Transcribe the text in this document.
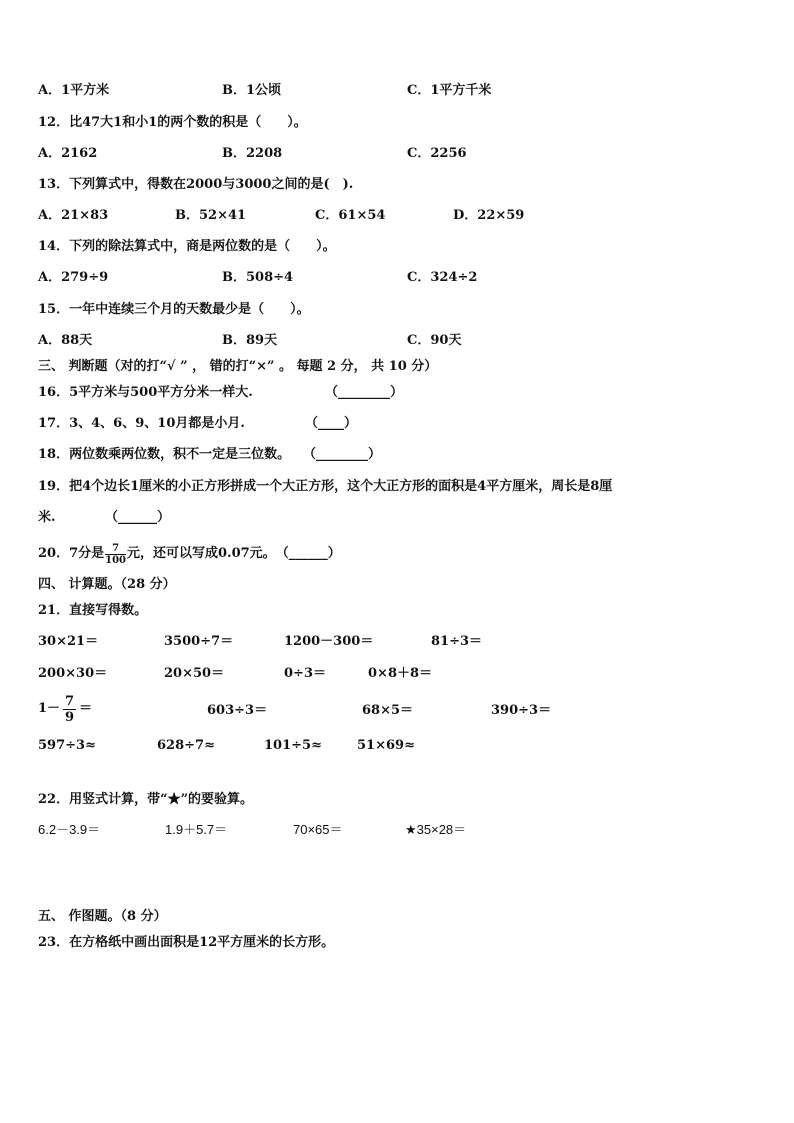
A．1平方米	B．1公顷	C．1平方千米
12．比47大1和小1的两个数的积是（　　）。
A．2162	B．2208	C．2256
13．下列算式中，得数在2000与3000之间的是(　).
A．21×83	B．52×41	C．61×54	D．22×59
14．下列的除法算式中，商是两位数的是（　　）。
A．279÷9	B．508÷4	C．324÷2
15．一年中连续三个月的天数最少是（　　）。
A．88天	B．89天	C．90天
三、 判断题（对的打“√ ” ， 错的打“×” 。 每题 2 分， 共 10 分）
16．5平方米与500平方分米一样大.	（________）
17．3、4、6、9、10月都是小月.	（____）
18．两位数乘两位数，积不一定是三位数。 （________）
19．把4个边长1厘米的小正方形拼成一个大正方形，这个大正方形的面积是4平方厘米，周长是8厘
米.	（______）
20．7分是 $\frac{7}{100}$ 元，还可以写成0.07元。 （______）
四、 计算题。（28 分）
21．直接写得数。
30×21＝	3500÷7＝	1200－300＝	81÷3＝
200×30＝	20×50＝	0÷3＝	0×8＋8＝
$1- \frac{7}{9}$ ＝	603÷3＝	68×5＝	390÷3＝
597÷3≈	628÷7≈	101÷5≈	51×69≈
22．用竖式计算，带“★”的要验算。
6.2－3.9＝	1.9＋5.7＝	70×65＝	★35×28＝
五、 作图题。（8 分）
23．在方格纸中画出面积是12平方厘米的长方形。
